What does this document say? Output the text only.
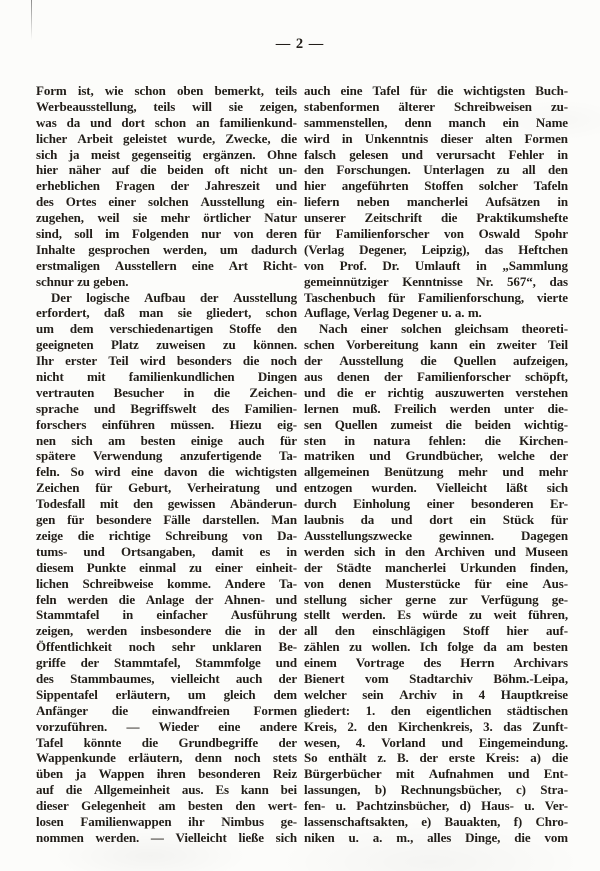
— 2 —
Form ist, wie schon oben bemerkt, teils
Werbeausstellung, teils will sie zeigen,
was da und dort schon an familienkund-
licher Arbeit geleistet wurde, Zwecke, die
sich ja meist gegenseitig ergänzen. Ohne
hier näher auf die beiden oft nicht un-
erheblichen Fragen der Jahreszeit und
des Ortes einer solchen Ausstellung ein-
zugehen, weil sie mehr örtlicher Natur
sind, soll im Folgenden nur von deren
Inhalte gesprochen werden, um dadurch
erstmaligen Ausstellern eine Art Richt-
schnur zu geben.
Der logische Aufbau der Ausstellung
erfordert, daß man sie gliedert, schon
um dem verschiedenartigen Stoffe den
geeigneten Platz zuweisen zu können.
Ihr erster Teil wird besonders die noch
nicht mit familienkundlichen Dingen
vertrauten Besucher in die Zeichen-
sprache und Begriffswelt des Familien-
forschers einführen müssen. Hiezu eig-
nen sich am besten einige auch für
spätere Verwendung anzufertigende Ta-
feln. So wird eine davon die wichtigsten
Zeichen für Geburt, Verheiratung und
Todesfall mit den gewissen Abänderun-
gen für besondere Fälle darstellen. Man
zeige die richtige Schreibung von Da-
tums- und Ortsangaben, damit es in
diesem Punkte einmal zu einer einheit-
lichen Schreibweise komme. Andere Ta-
feln werden die Anlage der Ahnen- und
Stammtafel in einfacher Ausführung
zeigen, werden insbesondere die in der
Öffentlichkeit noch sehr unklaren Be-
griffe der Stammtafel, Stammfolge und
des Stammbaumes, vielleicht auch der
Sippentafel erläutern, um gleich dem
Anfänger die einwandfreien Formen
vorzuführen. — Wieder eine andere
Tafel könnte die Grundbegriffe der
Wappenkunde erläutern, denn noch stets
üben ja Wappen ihren besonderen Reiz
auf die Allgemeinheit aus. Es kann bei
dieser Gelegenheit am besten den wert-
losen Familienwappen ihr Nimbus ge-
nommen werden. — Vielleicht ließe sich
auch eine Tafel für die wichtigsten Buch-
stabenformen älterer Schreibweisen zu-
sammenstellen, denn manch ein Name
wird in Unkenntnis dieser alten Formen
falsch gelesen und verursacht Fehler in
den Forschungen. Unterlagen zu all den
hier angeführten Stoffen solcher Tafeln
liefern neben mancherlei Aufsätzen in
unserer Zeitschrift die Praktikumshefte
für Familienforscher von Oswald Spohr
(Verlag Degener, Leipzig), das Heftchen
von Prof. Dr. Umlauft in „Sammlung
gemeinnütziger Kenntnisse Nr. 567“, das
Taschenbuch für Familienforschung, vierte
Auflage, Verlag Degener u. a. m.
Nach einer solchen gleichsam theoreti-
schen Vorbereitung kann ein zweiter Teil
der Ausstellung die Quellen aufzeigen,
aus denen der Familienforscher schöpft,
und die er richtig auszuwerten verstehen
lernen muß. Freilich werden unter die-
sen Quellen zumeist die beiden wichtig-
sten in natura fehlen: die Kirchen-
matriken und Grundbücher, welche der
allgemeinen Benützung mehr und mehr
entzogen wurden. Vielleicht läßt sich
durch Einholung einer besonderen Er-
laubnis da und dort ein Stück für
Ausstellungszwecke gewinnen. Dagegen
werden sich in den Archiven und Museen
der Städte mancherlei Urkunden finden,
von denen Musterstücke für eine Aus-
stellung sicher gerne zur Verfügung ge-
stellt werden. Es würde zu weit führen,
all den einschlägigen Stoff hier auf-
zählen zu wollen. Ich folge da am besten
einem Vortrage des Herrn Archivars
Bienert vom Stadtarchiv Böhm.-Leipa,
welcher sein Archiv in 4 Hauptkreise
gliedert: 1. den eigentlichen städtischen
Kreis, 2. den Kirchenkreis, 3. das Zunft-
wesen, 4. Vorland und Eingemeindung.
So enthält z. B. der erste Kreis: a) die
Bürgerbücher mit Aufnahmen und Ent-
lassungen, b) Rechnungsbücher, c) Stra-
fen- u. Pachtzinsbücher, d) Haus- u. Ver-
lassenschaftsakten, e) Bauakten, f) Chro-
niken u. a. m., alles Dinge, die vom
